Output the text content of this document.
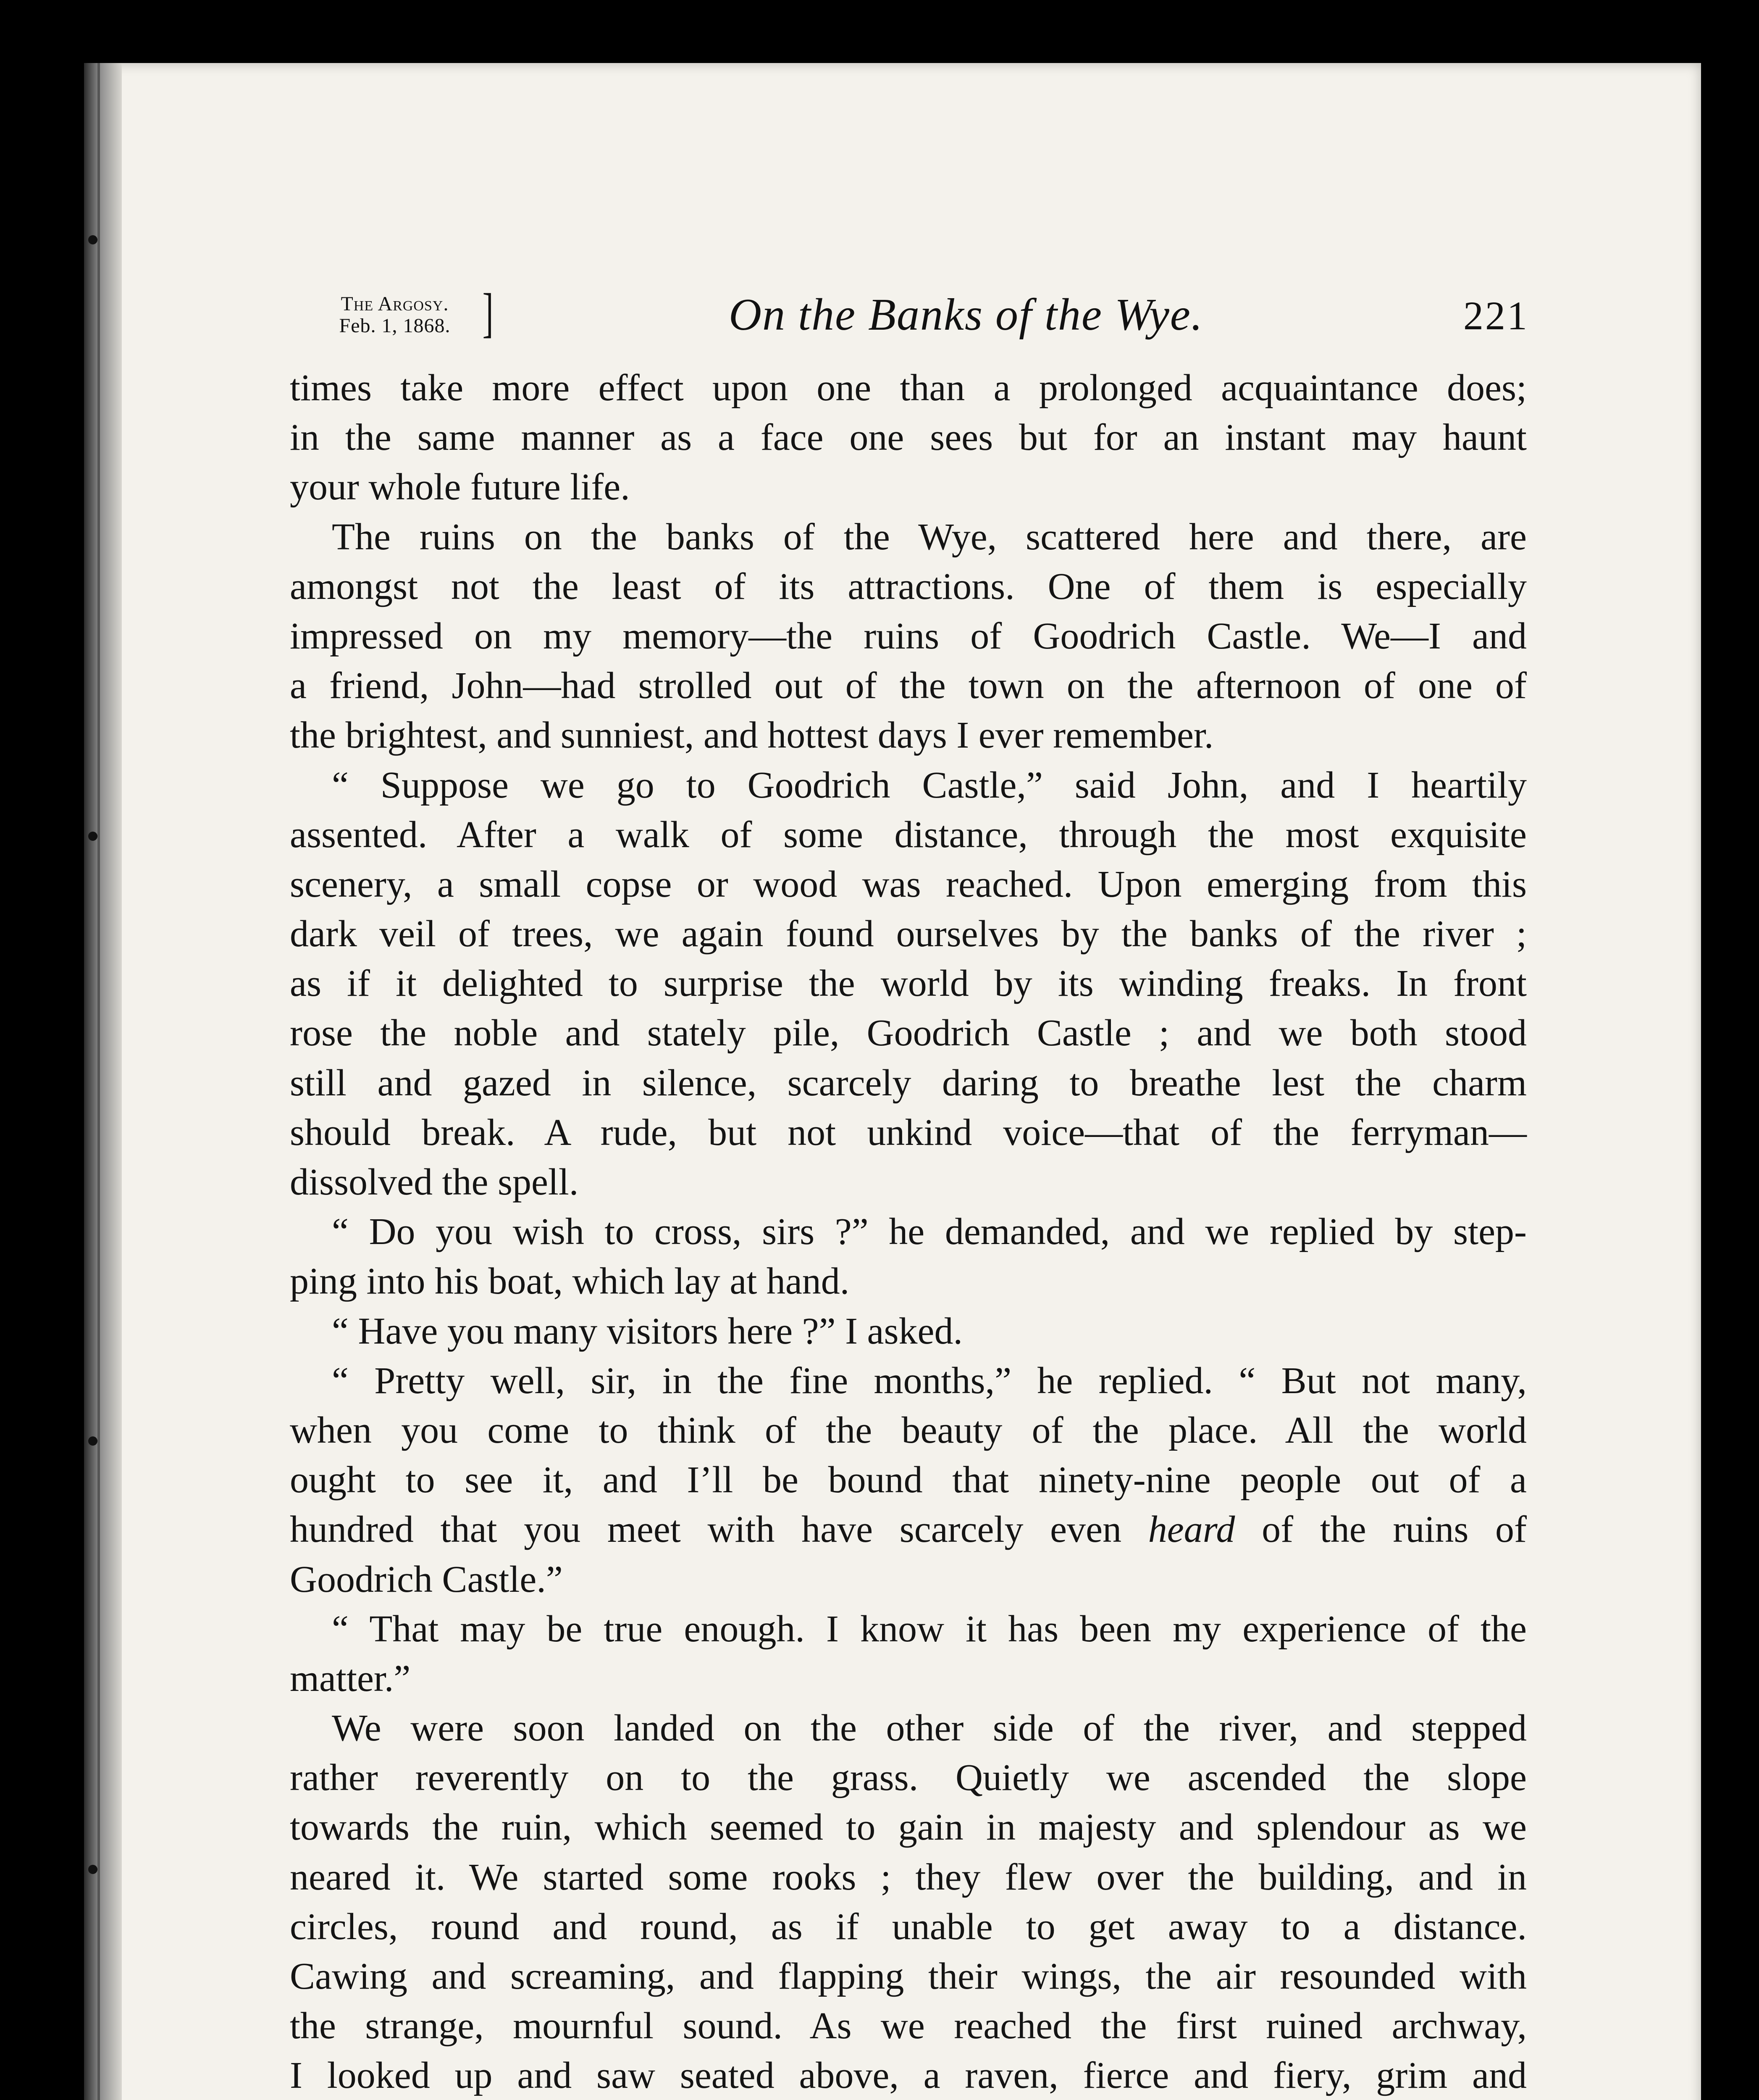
The Argosy.
Feb. 1, 1868. ]	On the Banks of the Wye.	221
times take more effect upon one than a prolonged acquaintance does;
in the same manner as a face one sees but for an instant may haunt
your whole future life.
The ruins on the banks of the Wye, scattered here and there, are
amongst not the least of its attractions. One of them is especially
impressed on my memory—the ruins of Goodrich Castle. We—I and
a friend, John—had strolled out of the town on the afternoon of one of
the brightest, and sunniest, and hottest days I ever remember.
“ Suppose we go to Goodrich Castle,” said John, and I heartily
assented. After a walk of some distance, through the most exquisite
scenery, a small copse or wood was reached. Upon emerging from this
dark veil of trees, we again found ourselves by the banks of the river ;
as if it delighted to surprise the world by its winding freaks. In front
rose the noble and stately pile, Goodrich Castle ; and we both stood
still and gazed in silence, scarcely daring to breathe lest the charm
should break. A rude, but not unkind voice—that of the ferryman—
dissolved the spell.
“ Do you wish to cross, sirs ?” he demanded, and we replied by step-
ping into his boat, which lay at hand.
“ Have you many visitors here ?” I asked.
“ Pretty well, sir, in the fine months,” he replied. “ But not many,
when you come to think of the beauty of the place. All the world
ought to see it, and I’ll be bound that ninety-nine people out of a
hundred that you meet with have scarcely even heard of the ruins of
Goodrich Castle.”
“ That may be true enough. I know it has been my experience of the
matter.”
We were soon landed on the other side of the river, and stepped
rather reverently on to the grass. Quietly we ascended the slope
towards the ruin, which seemed to gain in majesty and splendour as we
neared it. We started some rooks ; they flew over the building, and in
circles, round and round, as if unable to get away to a distance.
Cawing and screaming, and flapping their wings, the air resounded with
the strange, mournful sound. As we reached the first ruined archway,
I looked up and saw seated above, a raven, fierce and fiery, grim and
